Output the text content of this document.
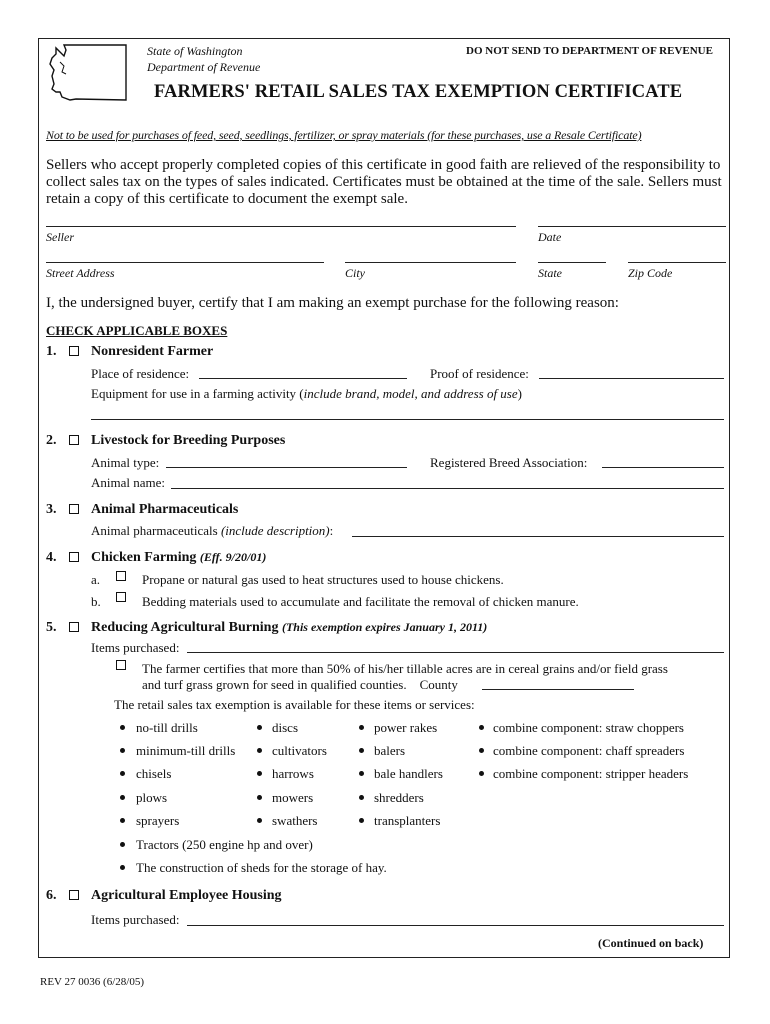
State of Washington
Department of Revenue
DO NOT SEND TO DEPARTMENT OF REVENUE
FARMERS' RETAIL SALES TAX EXEMPTION CERTIFICATE
Not to be used for purchases of feed, seed, seedlings, fertilizer, or spray materials (for these purchases, use a Resale Certificate)
Sellers who accept properly completed copies of this certificate in good faith are relieved of the responsibility to
collect sales tax on the types of sales indicated. Certificates must be obtained at the time of the sale. Sellers must
retain a copy of this certificate to document the exempt sale.
Seller	Date
Street Address	City	State	Zip Code
I, the undersigned buyer, certify that I am making an exempt purchase for the following reason:
CHECK APPLICABLE BOXES
1. Nonresident Farmer
Place of residence:	Proof of residence:
Equipment for use in a farming activity (include brand, model, and address of use)
2. Livestock for Breeding Purposes
Animal type:	Registered Breed Association:
Animal name:
3. Animal Pharmaceuticals
Animal pharmaceuticals (include description):
4. Chicken Farming (Eff. 9/20/01)
a.	Propane or natural gas used to heat structures used to house chickens.
b.	Bedding materials used to accumulate and facilitate the removal of chicken manure.
5. Reducing Agricultural Burning (This exemption expires January 1, 2011)
Items purchased:
The farmer certifies that more than 50% of his/her tillable acres are in cereal grains and/or field grass
and turf grass grown for seed in qualified counties. County
The retail sales tax exemption is available for these items or services:
no-till drills
minimum-till drills
chisels
plows
sprayers
discs
cultivators
harrows
mowers
swathers
power rakes
balers
bale handlers
shredders
transplanters
combine component: straw choppers
combine component: chaff spreaders
combine component: stripper headers
Tractors (250 engine hp and over)
The construction of sheds for the storage of hay.
6. Agricultural Employee Housing
Items purchased:
(Continued on back)
REV 27 0036 (6/28/05)
